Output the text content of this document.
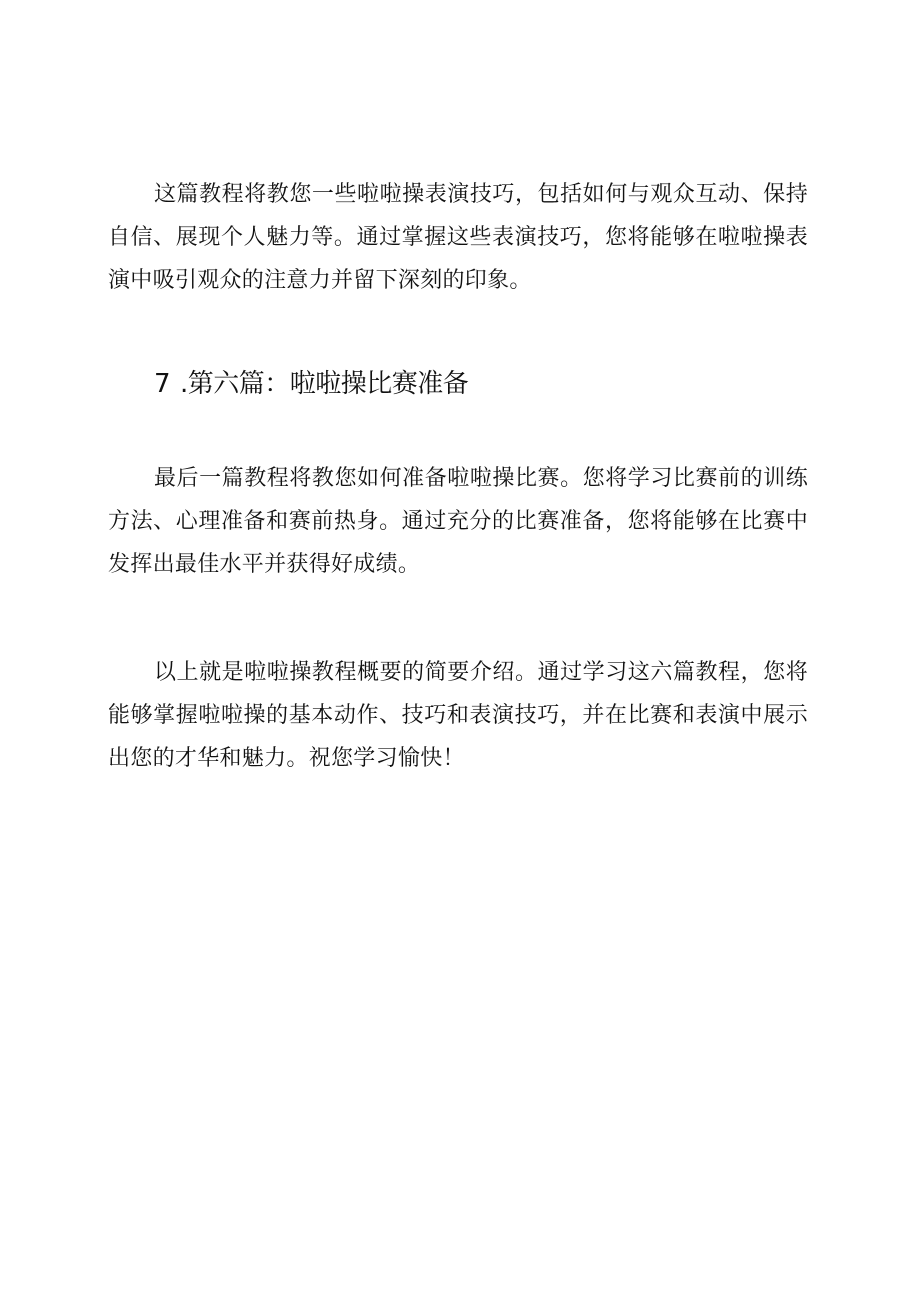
这篇教程将教您一些啦啦操表演技巧，包括如何与观众互动、保持自信、展现个人魅力等。通过掌握这些表演技巧，您将能够在啦啦操表演中吸引观众的注意力并留下深刻的印象。

7 .第六篇：啦啦操比赛准备

最后一篇教程将教您如何准备啦啦操比赛。您将学习比赛前的训练方法、心理准备和赛前热身。通过充分的比赛准备，您将能够在比赛中发挥出最佳水平并获得好成绩。

以上就是啦啦操教程概要的简要介绍。通过学习这六篇教程，您将能够掌握啦啦操的基本动作、技巧和表演技巧，并在比赛和表演中展示出您的才华和魅力。祝您学习愉快！
